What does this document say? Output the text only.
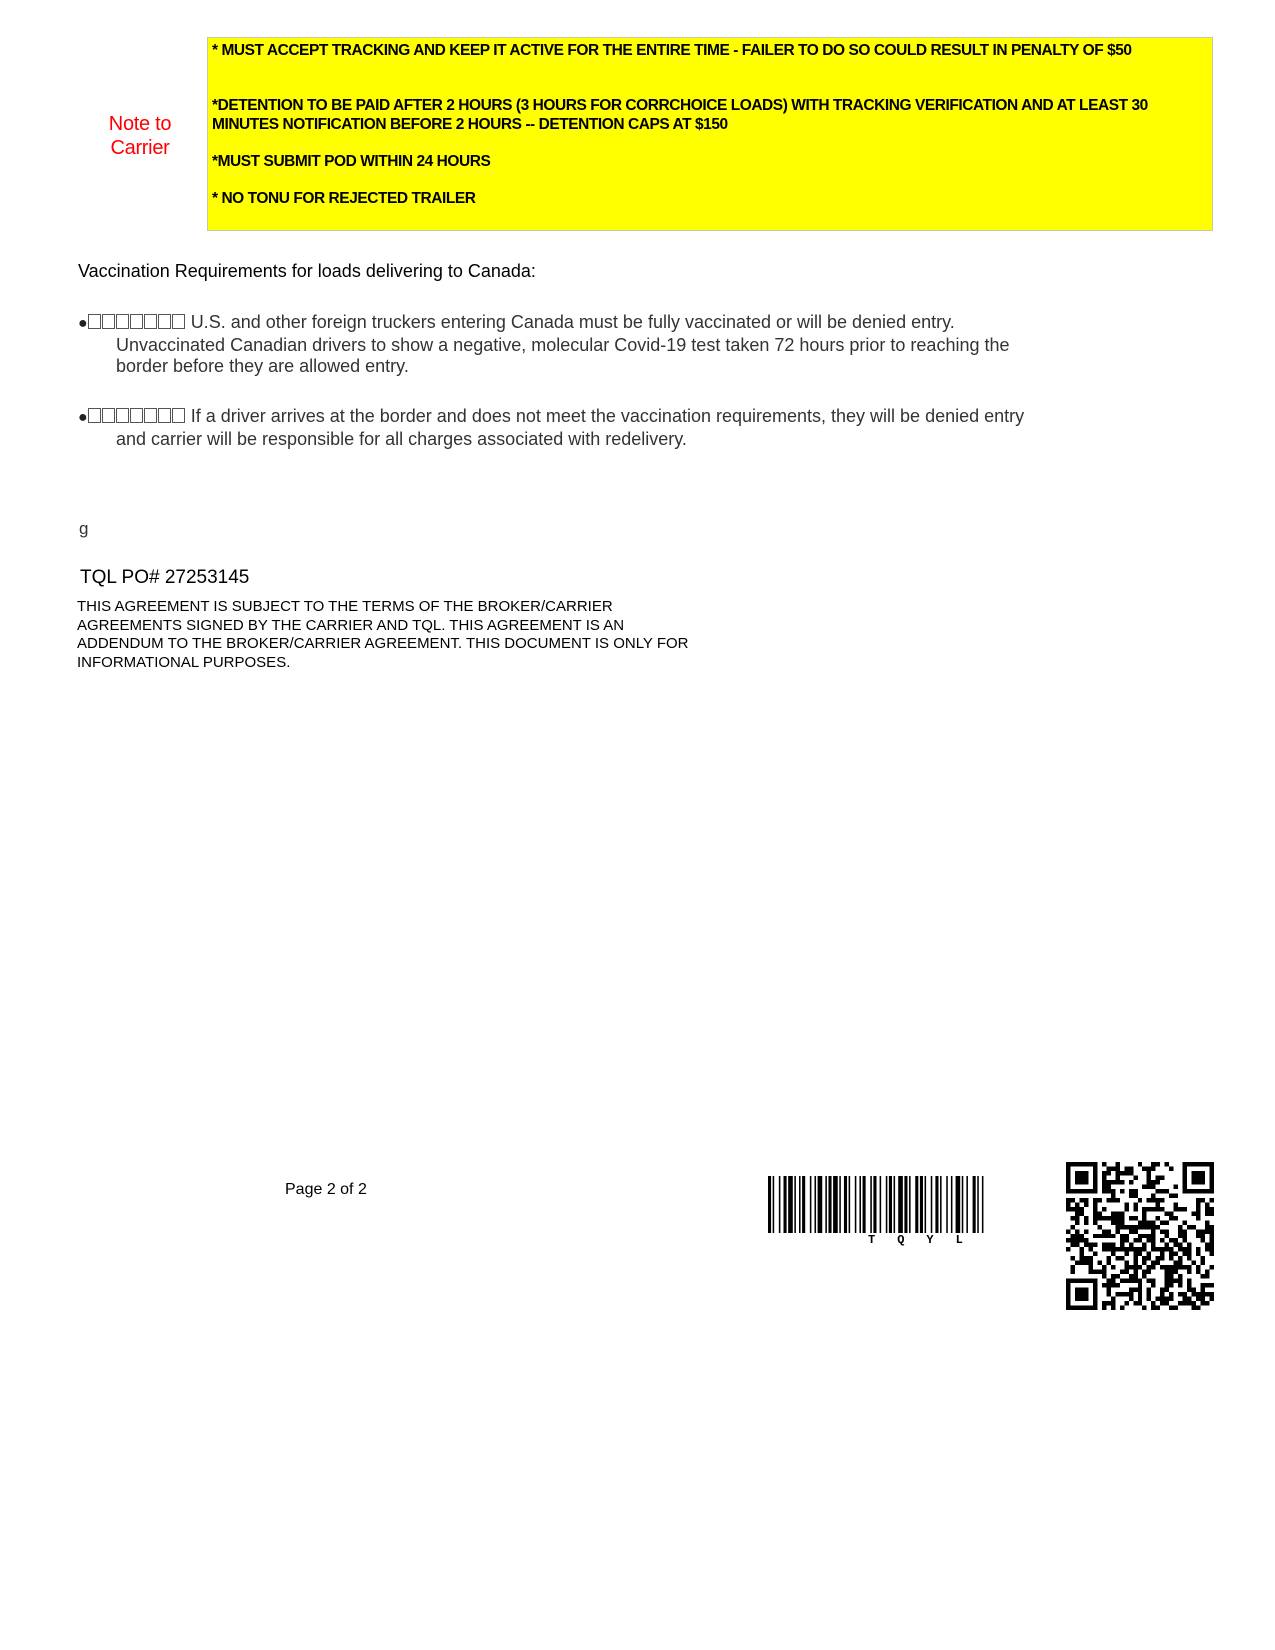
Note to Carrier
* MUST ACCEPT TRACKING AND KEEP IT ACTIVE FOR THE ENTIRE TIME - FAILER TO DO SO COULD RESULT IN PENALTY OF $50
*DETENTION TO BE PAID AFTER 2 HOURS (3 HOURS FOR CORRCHOICE LOADS) WITH TRACKING VERIFICATION AND AT LEAST 30 MINUTES NOTIFICATION BEFORE 2 HOURS -- DETENTION CAPS AT $150
*MUST SUBMIT POD WITHIN 24 HOURS
* NO TONU FOR REJECTED TRAILER
Vaccination Requirements for loads delivering to Canada:
●	U.S. and other foreign truckers entering Canada must be fully vaccinated or will be denied entry.
Unvaccinated Canadian drivers to show a negative, molecular Covid-19 test taken 72 hours prior to reaching the
border before they are allowed entry.
●	If a driver arrives at the border and does not meet the vaccination requirements, they will be denied entry
and carrier will be responsible for all charges associated with redelivery.
g
TQL PO# 27253145
THIS AGREEMENT IS SUBJECT TO THE TERMS OF THE BROKER/CARRIER
AGREEMENTS SIGNED BY THE CARRIER AND TQL. THIS AGREEMENT IS AN
ADDENDUM TO THE BROKER/CARRIER AGREEMENT. THIS DOCUMENT IS ONLY FOR
INFORMATIONAL PURPOSES.
Page 2 of 2
TQYL
